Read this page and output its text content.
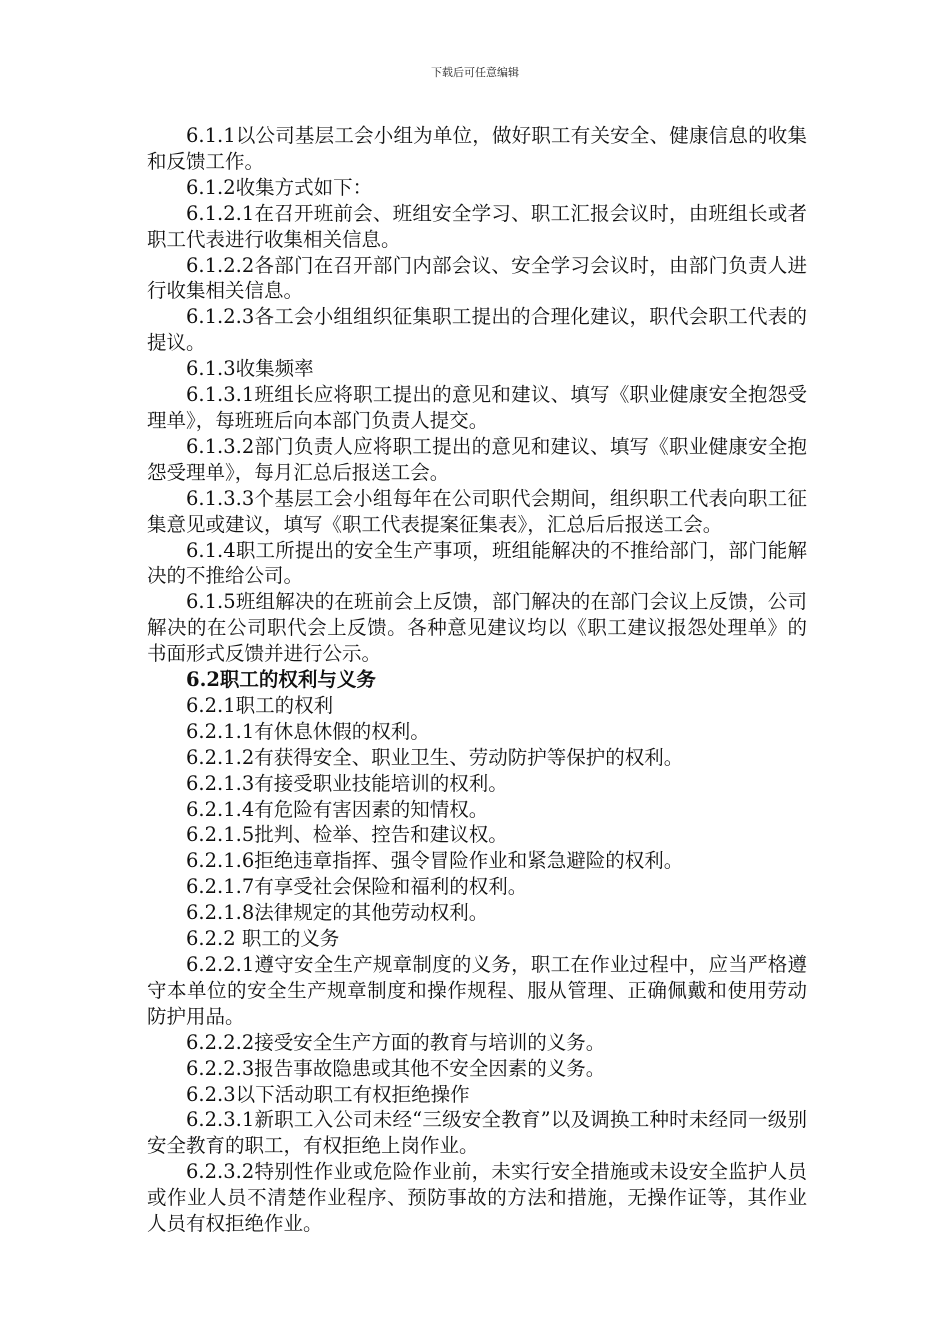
下载后可任意编辑

6.1.1以公司基层工会小组为单位，做好职工有关安全、健康信息的收集和反馈工作。

6.1.2收集方式如下：

6.1.2.1在召开班前会、班组安全学习、职工汇报会议时，由班组长或者职工代表进行收集相关信息。

6.1.2.2各部门在召开部门内部会议、安全学习会议时，由部门负责人进行收集相关信息。

6.1.2.3各工会小组组织征集职工提出的合理化建议，职代会职工代表的提议。

6.1.3收集频率

6.1.3.1班组长应将职工提出的意见和建议、填写《职业健康安全抱怨受理单》，每班班后向本部门负责人提交。

6.1.3.2部门负责人应将职工提出的意见和建议、填写《职业健康安全抱怨受理单》，每月汇总后报送工会。

6.1.3.3个基层工会小组每年在公司职代会期间，组织职工代表向职工征集意见或建议，填写《职工代表提案征集表》，汇总后后报送工会。

6.1.4职工所提出的安全生产事项，班组能解决的不推给部门，部门能解决的不推给公司。

6.1.5班组解决的在班前会上反馈，部门解决的在部门会议上反馈，公司解决的在公司职代会上反馈。各种意见建议均以《职工建议报怨处理单》的书面形式反馈并进行公示。

6.2职工的权利与义务

6.2.1职工的权利

6.2.1.1有休息休假的权利。

6.2.1.2有获得安全、职业卫生、劳动防护等保护的权利。

6.2.1.3有接受职业技能培训的权利。

6.2.1.4有危险有害因素的知情权。

6.2.1.5批判、检举、控告和建议权。

6.2.1.6拒绝违章指挥、强令冒险作业和紧急避险的权利。

6.2.1.7有享受社会保险和福利的权利。

6.2.1.8法律规定的其他劳动权利。

6.2.2 职工的义务

6.2.2.1遵守安全生产规章制度的义务，职工在作业过程中，应当严格遵守本单位的安全生产规章制度和操作规程、服从管理、正确佩戴和使用劳动防护用品。

6.2.2.2接受安全生产方面的教育与培训的义务。

6.2.2.3报告事故隐患或其他不安全因素的义务。

6.2.3以下活动职工有权拒绝操作

6.2.3.1新职工入公司未经“三级安全教育”以及调换工种时未经同一级别安全教育的职工，有权拒绝上岗作业。

6.2.3.2特别性作业或危险作业前，未实行安全措施或未设安全监护人员或作业人员不清楚作业程序、预防事故的方法和措施，无操作证等，其作业人员有权拒绝作业。
